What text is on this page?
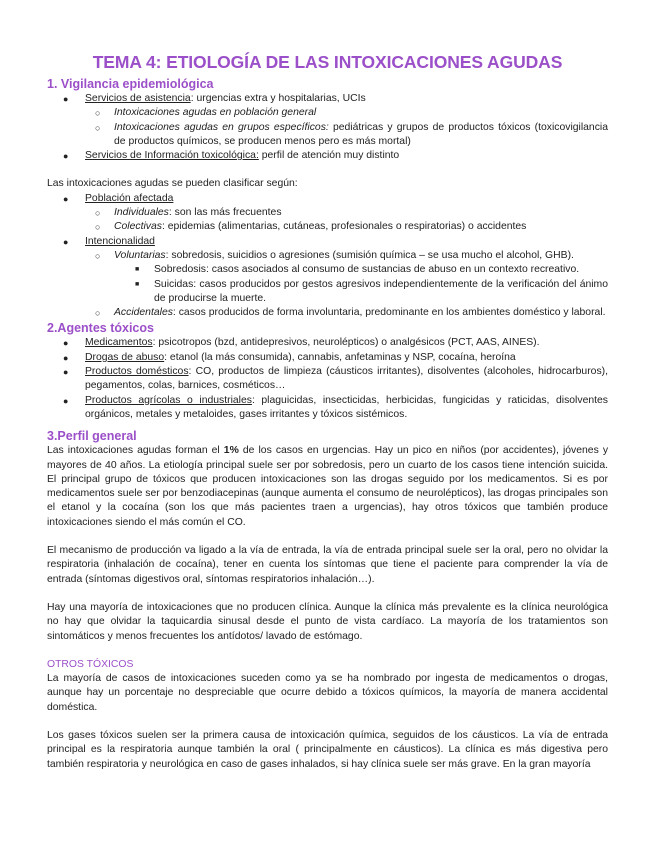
TEMA 4: ETIOLOGÍA DE LAS INTOXICACIONES AGUDAS
1. Vigilancia epidemiológica
● Servicios de asistencia: urgencias extra y hospitalarias, UCIs
○ Intoxicaciones agudas en población general
○ Intoxicaciones agudas en grupos específicos: pediátricas y grupos de productos tóxicos (toxicovigilancia de productos químicos, se producen menos pero es más mortal)
● Servicios de Información toxicológica: perfil de atención muy distinto

Las intoxicaciones agudas se pueden clasificar según:

● Población afectada
○ Individuales: son las más frecuentes
○ Colectivas: epidemias (alimentarias, cutáneas, profesionales o respiratorias) o accidentes
● Intencionalidad
○ Voluntarias: sobredosis, suicidios o agresiones (sumisión química – se usa mucho el alcohol, GHB).
■ Sobredosis: casos asociados al consumo de sustancias de abuso en un contexto recreativo.
■ Suicidas: casos producidos por gestos agresivos independientemente de la verificación del ánimo de producirse la muerte.
○ Accidentales: casos producidos de forma involuntaria, predominante en los ambientes doméstico y laboral.
2.Agentes tóxicos
● Medicamentos: psicotropos (bzd, antidepresivos, neurolépticos) o analgésicos (PCT, AAS, AINES).
● Drogas de abuso: etanol (la más consumida), cannabis, anfetaminas y NSP, cocaína, heroína
● Productos domésticos: CO, productos de limpieza (cáusticos irritantes), disolventes (alcoholes, hidrocarburos), pegamentos, colas, barnices, cosméticos…
● Productos agrícolas o industriales: plaguicidas, insecticidas, herbicidas, fungicidas y raticidas, disolventes orgánicos, metales y metaloides, gases irritantes y tóxicos sistémicos.
3.Perfil general

Las intoxicaciones agudas forman el 1% de los casos en urgencias. Hay un pico en niños (por accidentes), jóvenes y mayores de 40 años. La etiología principal suele ser por sobredosis, pero un cuarto de los casos tiene intención suicida. El principal grupo de tóxicos que producen intoxicaciones son las drogas seguido por los medicamentos. Si es por medicamentos suele ser por benzodiacepinas (aunque aumenta el consumo de neurolépticos), las drogas principales son el etanol y la cocaína (son los que más pacientes traen a urgencias), hay otros tóxicos que también produce intoxicaciones siendo el más común el CO.

El mecanismo de producción va ligado a la vía de entrada, la vía de entrada principal suele ser la oral, pero no olvidar la respiratoria (inhalación de cocaína), tener en cuenta los síntomas que tiene el paciente para comprender la vía de entrada (síntomas digestivos oral, síntomas respiratorios inhalación…).

Hay una mayoría de intoxicaciones que no producen clínica. Aunque la clínica más prevalente es la clínica neurológica no hay que olvidar la taquicardia sinusal desde el punto de vista cardíaco. La mayoría de los tratamientos son sintomáticos y menos frecuentes los antídotos/ lavado de estómago.

OTROS TÓXICOS

La mayoría de casos de intoxicaciones suceden como ya se ha nombrado por ingesta de medicamentos o drogas, aunque hay un porcentaje no despreciable que ocurre debido a tóxicos químicos, la mayoría de manera accidental doméstica.

Los gases tóxicos suelen ser la primera causa de intoxicación química, seguidos de los cáusticos. La vía de entrada principal es la respiratoria aunque también la oral ( principalmente en cáusticos). La clínica es más digestiva pero también respiratoria y neurológica en caso de gases inhalados, si hay clínica suele ser más grave. En la gran mayoría
